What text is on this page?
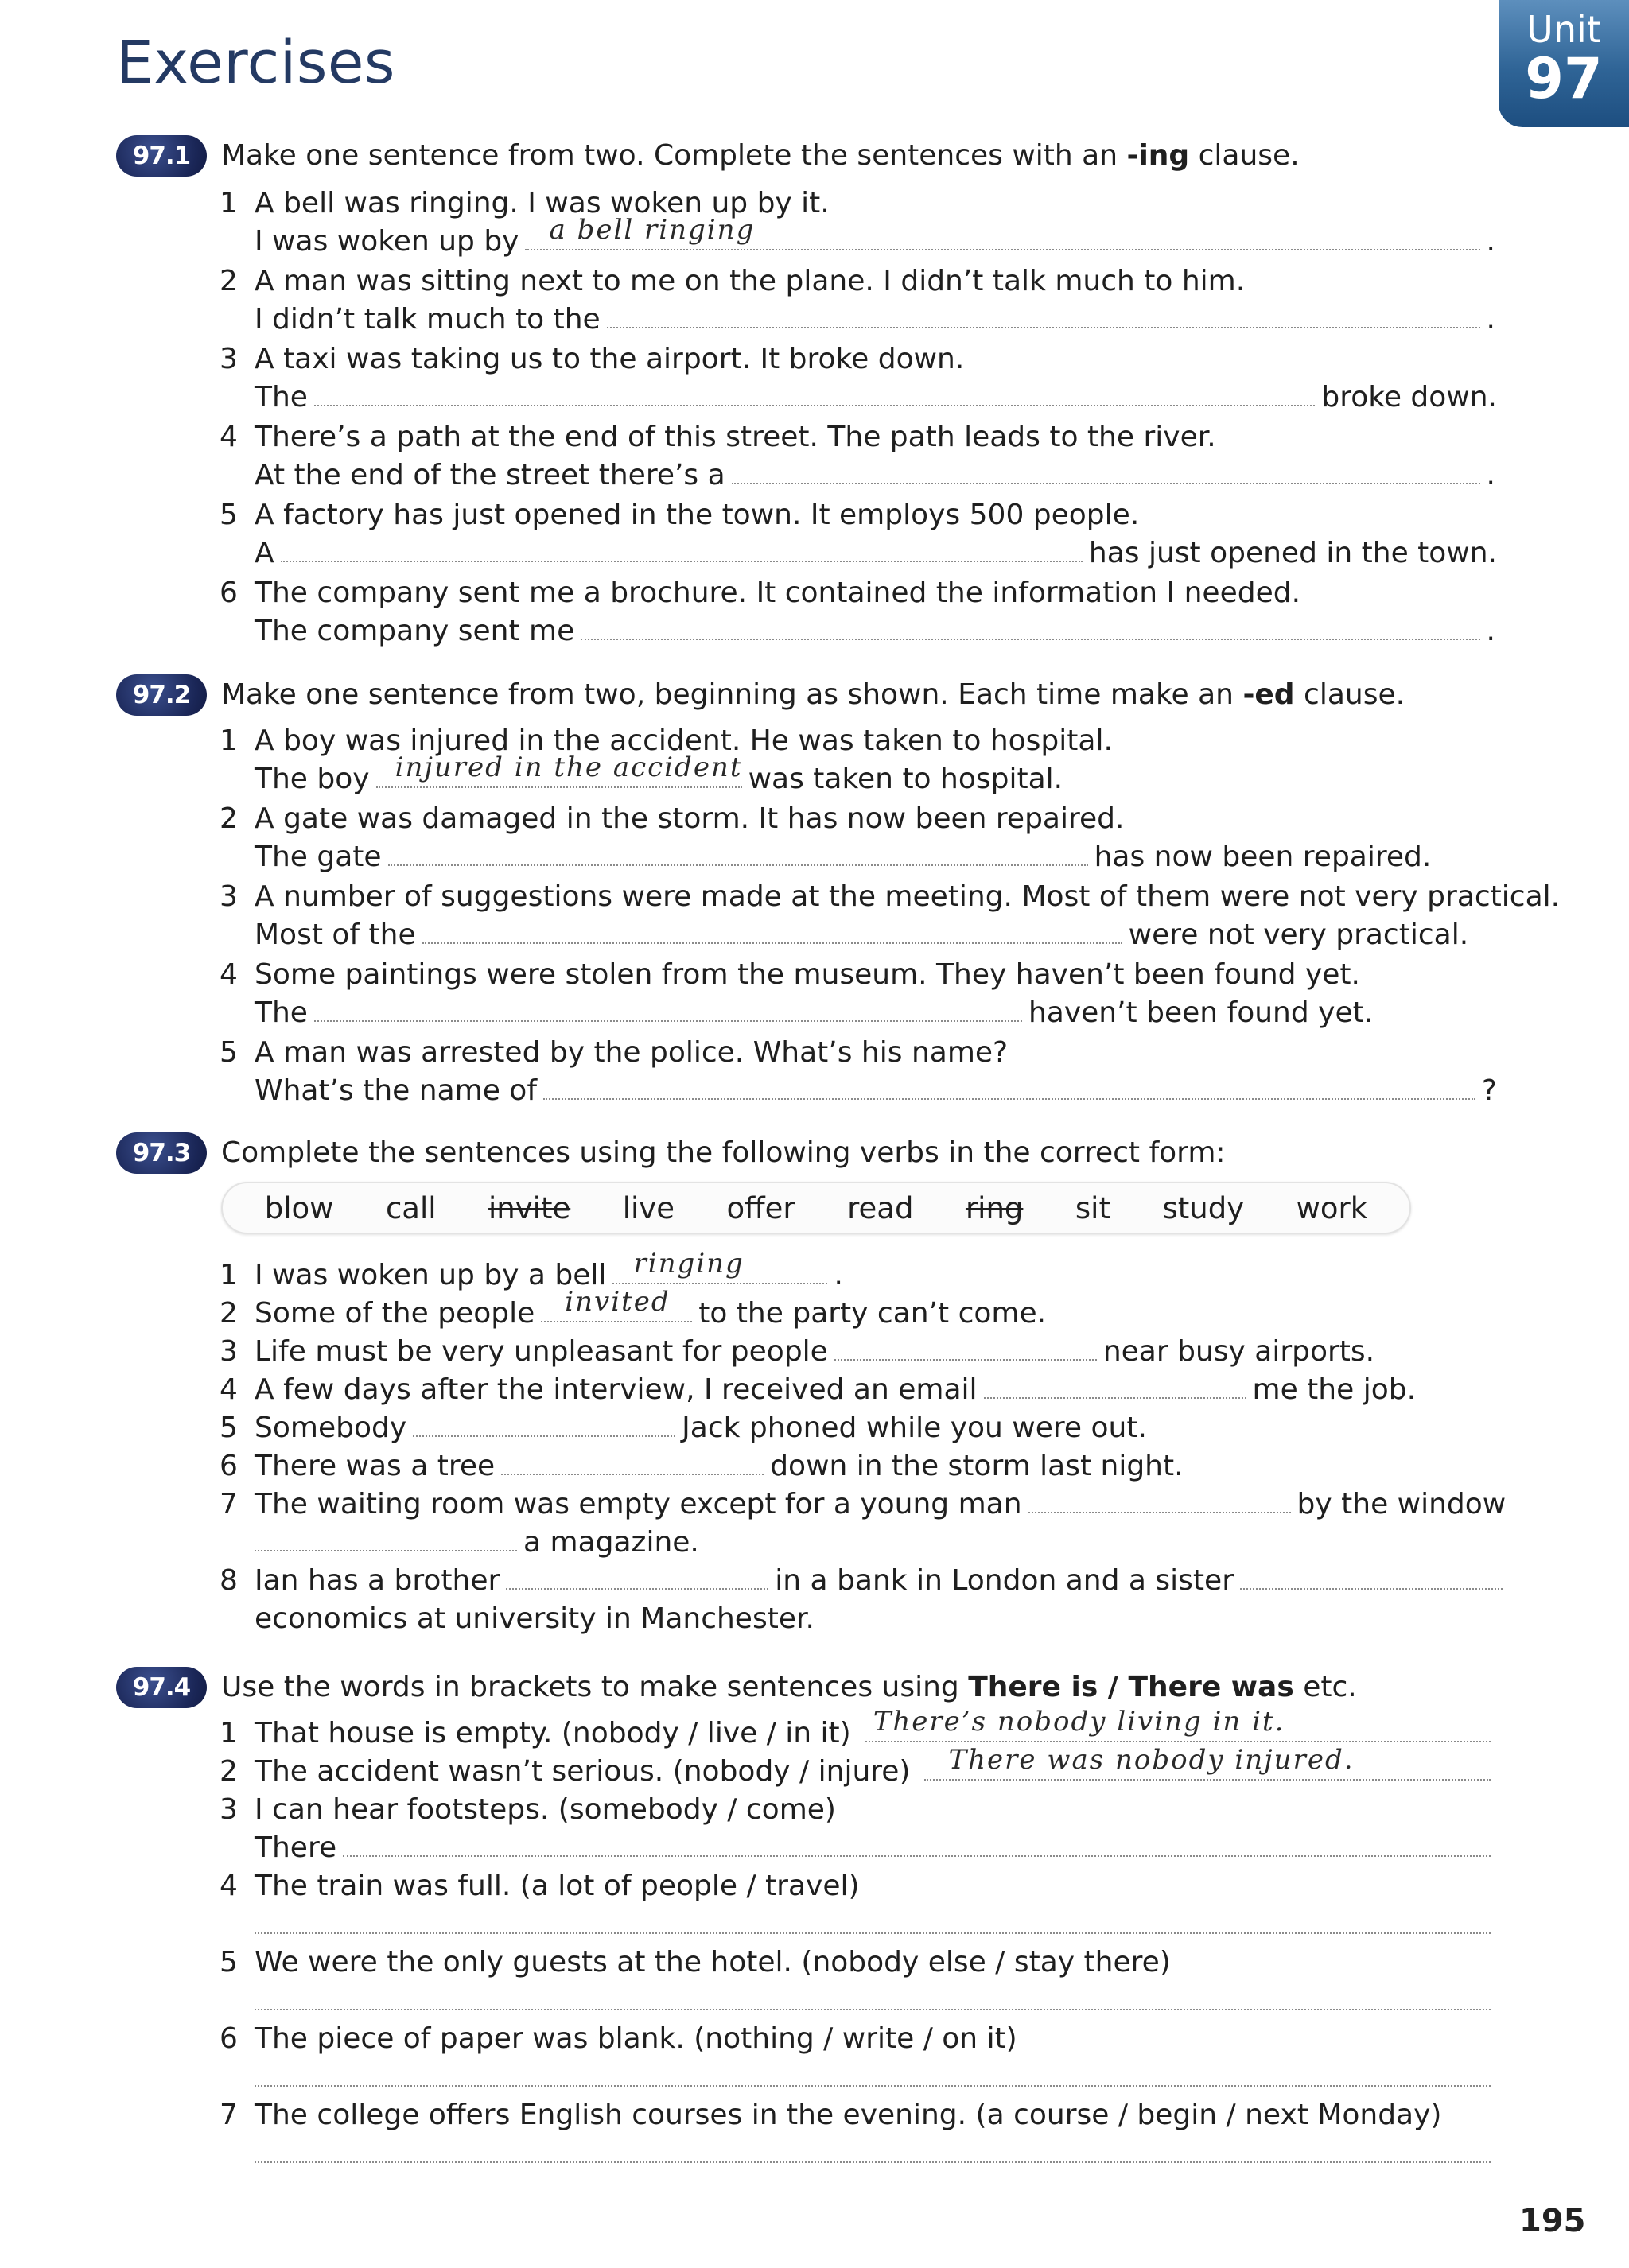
Exercises	Unit
97
97.1	Make one sentence from two. Complete the sentences with an -ing clause.
1 A bell was ringing. I was woken up by it.
I was woken up by a bell ringing	.
2 A man was sitting next to me on the plane. I didn’t talk much to him.
I didn’t talk much to the	.
3 A taxi was taking us to the airport. It broke down.
The	broke down.
4 There’s a path at the end of this street. The path leads to the river.
At the end of the street there’s a	.
5 A factory has just opened in the town. It employs 500 people.
A	has just opened in the town.
6 The company sent me a brochure. It contained the information I needed.
The company sent me	.
97.2	Make one sentence from two, beginning as shown. Each time make an -ed clause.
1 A boy was injured in the accident. He was taken to hospital.
The boy injured in the accident was taken to hospital.
2 A gate was damaged in the storm. It has now been repaired.
The gate	has now been repaired.
3 A number of suggestions were made at the meeting. Most of them were not very practical.
Most of the	were not very practical.
4 Some paintings were stolen from the museum. They haven’t been found yet.
The	haven’t been found yet.
5 A man was arrested by the police. What’s his name?
What’s the name of	?
97.3	Complete the sentences using the following verbs in the correct form:
blow call invite live offer read ring sit study work
1 I was woken up by a bell ringing	.
2 Some of the people invited to the party can’t come.
3 Life must be very unpleasant for people	near busy airports.
4 A few days after the interview, I received an email	me the job.
5 Somebody	Jack phoned while you were out.
6 There was a tree	down in the storm last night.
7 The waiting room was empty except for a young man	by the window
a magazine.
8 Ian has a brother	in a bank in London and a sister
economics at university in Manchester.
97.4	Use the words in brackets to make sentences using There is / There was etc.
1 That house is empty. (nobody / live / in it) There’s nobody living in it.
2 The accident wasn’t serious. (nobody / injure) There was nobody injured.
3 I can hear footsteps. (somebody / come)
There
4 The train was full. (a lot of people / travel)
5 We were the only guests at the hotel. (nobody else / stay there)
6 The piece of paper was blank. (nothing / write / on it)
7 The college offers English courses in the evening. (a course / begin / next Monday)
195
